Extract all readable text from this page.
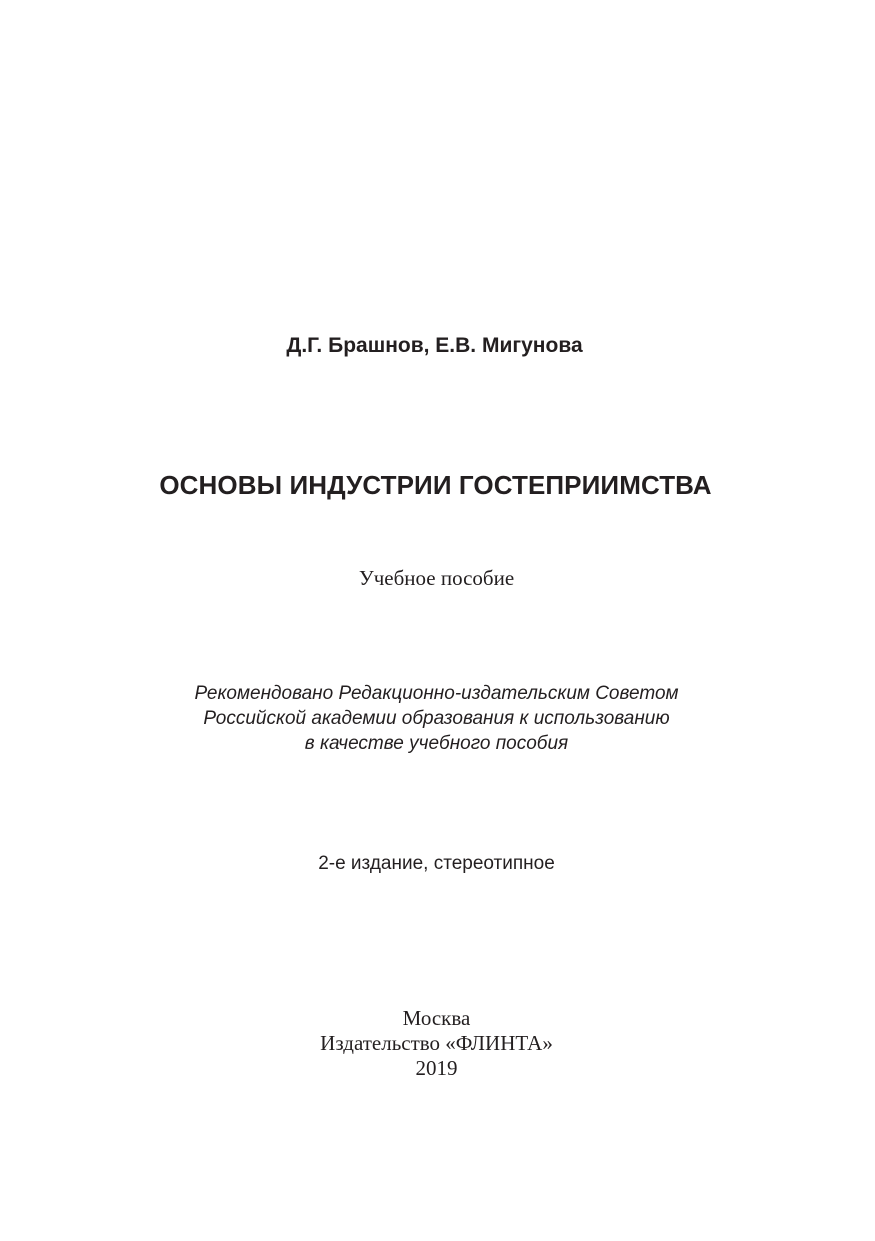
Д.Г. Брашнов, Е.В. Мигунова

ОСНОВЫ ИНДУСТРИИ ГОСТЕПРИИМСТВА

Учебное пособие

Рекомендовано Редакционно-издательским Советом

Российской академии образования к использованию

в качестве учебного пособия

2-е издание, стереотипное

Москва

Издательство «ФЛИНТА»

2019
